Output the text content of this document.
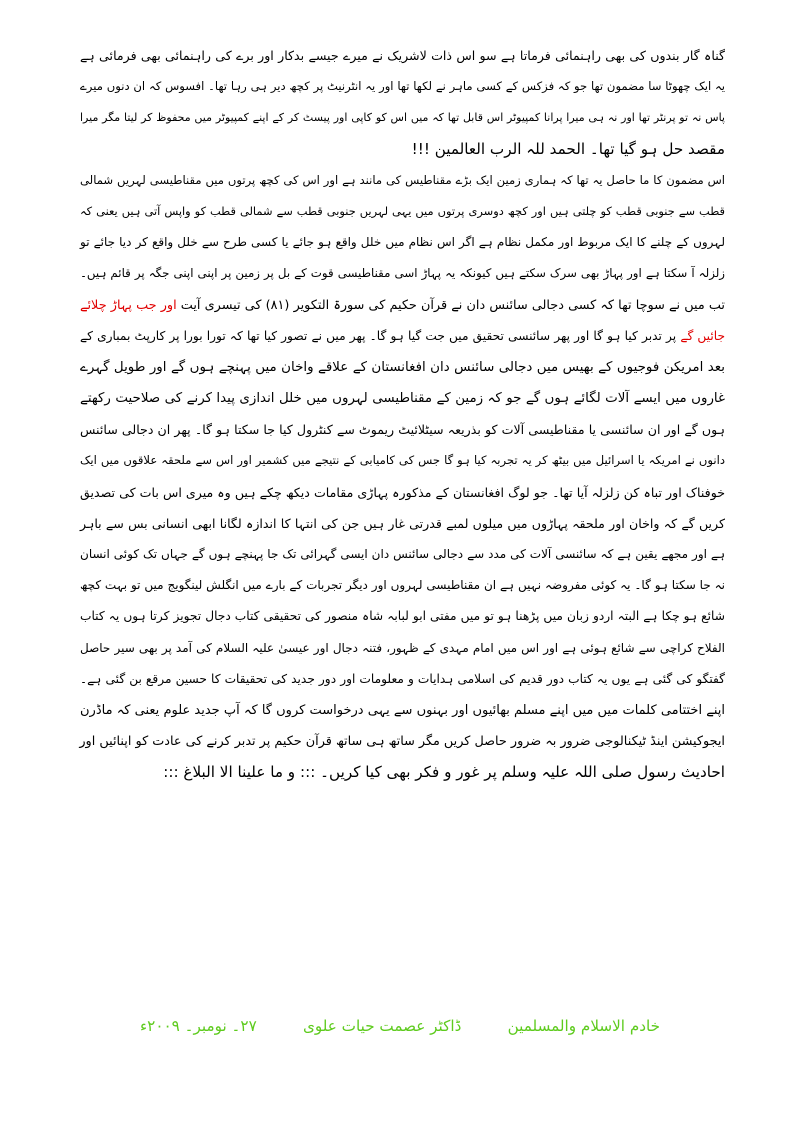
گناہ گار بندوں کی بھی راہنمائی فرماتا ہے سو اس ذات لاشریک نے میرے جیسے بدکار اور برے کی راہنمائی بھی فرمائی ہے
یہ ایک چھوٹا سا مضمون تھا جو کہ فزکس کے کسی ماہر نے لکھا تھا اور یہ انٹرنیٹ پر کچھ دیر ہی رہا تھا۔ افسوس کہ ان دنوں میرے
پاس نہ تو پرنٹر تھا اور نہ ہی میرا پرانا کمپیوٹر اس قابل تھا کہ میں اس کو کاپی اور پیسٹ کر کے اپنے کمپیوٹر میں محفوظ کر لیتا مگر میرا
مقصد حل ہو گیا تھا۔ الحمد للہ الرب العالمین !!!
اس مضمون کا ما حاصل یہ تھا کہ ہماری زمین ایک بڑے مقناطیس کی مانند ہے اور اس کی کچھ پرتوں میں مقناطیسی لہریں شمالی
قطب سے جنوبی قطب کو چلتی ہیں اور کچھ دوسری پرتوں میں یہی لہریں جنوبی قطب سے شمالی قطب کو واپس آتی ہیں یعنی کہ
لہروں کے چلنے کا ایک مربوط اور مکمل نظام ہے اگر اس نظام میں خلل واقع ہو جائے یا کسی طرح سے خلل واقع کر دیا جائے تو
زلزلہ آ سکتا ہے اور پہاڑ بھی سرک سکتے ہیں کیونکہ یہ پہاڑ اسی مقناطیسی قوت کے بل پر زمین پر اپنی اپنی جگہ پر قائم ہیں۔
تب میں نے سوچا تھا کہ کسی دجالی سائنس دان نے قرآن حکیم کی سورۃ التکویر (۸۱) کی تیسری آیت اور جب پہاڑ چلائے
جائیں گے پر تدبر کیا ہو گا اور پھر سائنسی تحقیق میں جت گیا ہو گا۔ پھر میں نے تصور کیا تھا کہ تورا بورا پر کارپٹ بمباری کے
بعد امریکن فوجیوں کے بھیس میں دجالی سائنس دان افغانستان کے علاقے واخان میں پہنچے ہوں گے اور طویل گہرے
غاروں میں ایسے آلات لگائے ہوں گے جو کہ زمین کے مقناطیسی لہروں میں خلل اندازی پیدا کرنے کی صلاحیت رکھتے
ہوں گے اور ان سائنسی یا مقناطیسی آلات کو بذریعہ سیٹلائیٹ ریموٹ سے کنٹرول کیا جا سکتا ہو گا۔ پھر ان دجالی سائنس
دانوں نے امریکہ یا اسرائیل میں بیٹھ کر یہ تجربہ کیا ہو گا جس کی کامیابی کے نتیجے میں کشمیر اور اس سے ملحقہ علاقوں میں ایک
خوفناک اور تباہ کن زلزلہ آیا تھا۔ جو لوگ افغانستان کے مذکورہ پہاڑی مقامات دیکھ چکے ہیں وہ میری اس بات کی تصدیق
کریں گے کہ واخان اور ملحقہ پہاڑوں میں میلوں لمبے قدرتی غار ہیں جن کی انتہا کا اندازہ لگانا ابھی انسانی بس سے باہر
ہے اور مجھے یقین ہے کہ سائنسی آلات کی مدد سے دجالی سائنس دان ایسی گہرائی تک جا پہنچے ہوں گے جہاں تک کوئی انسان
نہ جا سکتا ہو گا۔ یہ کوئی مفروضہ نہیں ہے ان مقناطیسی لہروں اور دیگر تجربات کے بارے میں انگلش لینگویج میں تو بہت کچھ
شائع ہو چکا ہے البتہ اردو زبان میں پڑھنا ہو تو میں مفتی ابو لبابہ شاہ منصور کی تحقیقی کتاب دجال تجویز کرتا ہوں یہ کتاب
الفلاح کراچی سے شائع ہوئی ہے اور اس میں امام مہدی کے ظہور، فتنہ دجال اور عیسیٰ علیہ السلام کی آمد پر بھی سیر حاصل
گفتگو کی گئی ہے یوں یہ کتاب دور قدیم کی اسلامی ہدایات و معلومات اور دور جدید کی تحقیقات کا حسین مرقع بن گئی ہے۔
اپنے اختتامی کلمات میں میں اپنے مسلم بھائیوں اور بہنوں سے یہی درخواست کروں گا کہ آپ جدید علوم یعنی کہ ماڈرن
ایجوکیشن اینڈ ٹیکنالوجی ضرور بہ ضرور حاصل کریں مگر ساتھ ہی ساتھ قرآن حکیم پر تدبر کرنے کی عادت کو اپنائیں اور
احادیث رسول صلی اللہ علیہ وسلم پر غور و فکر بھی کیا کریں۔ ::: و ما علینا الا البلاغ :::
خادم الاسلام والمسلمین
ڈاکٹر عصمت حیات علوی
۲۷۔ نومبر۔ ۲۰۰۹ء
